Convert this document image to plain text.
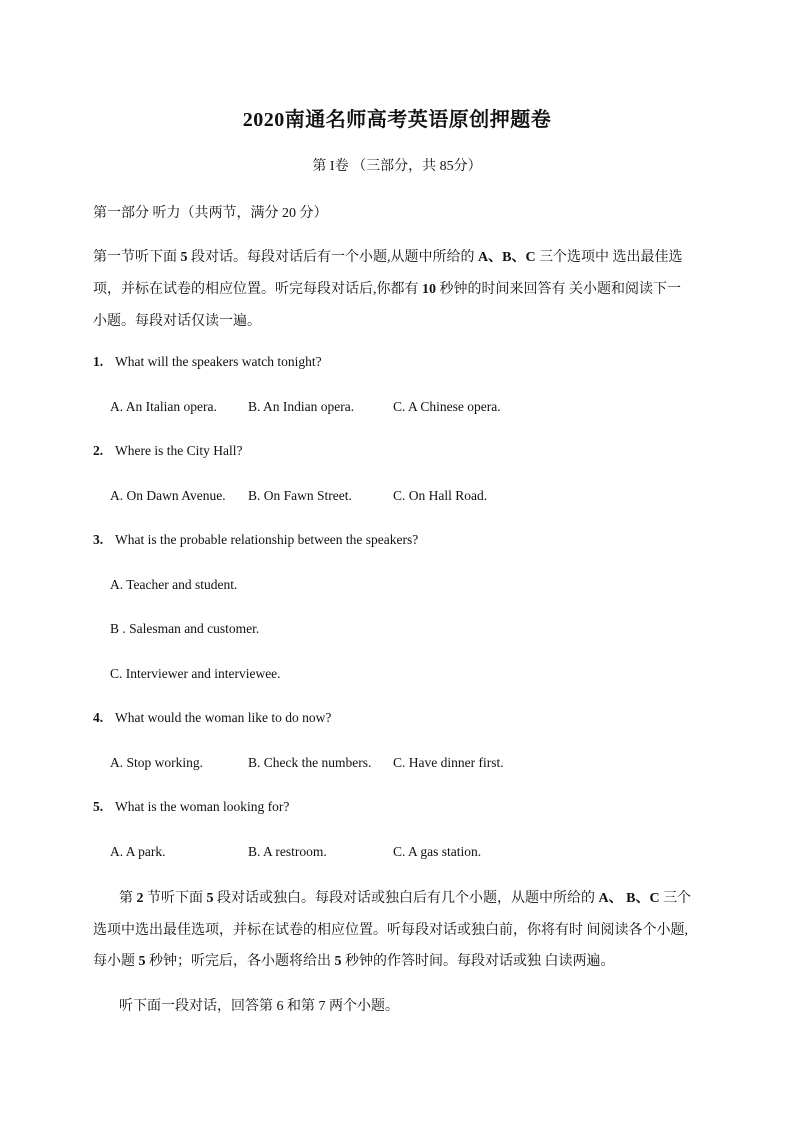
2020南通名师高考英语原创押题卷
第 I卷 （三部分，共 85分）
第一部分 听力（共两节，满分 20 分）
第一节听下面 5 段对话。每段对话后有一个小题,从题中所给的 A、B、C 三个选项中 选出最佳选
项，并标在试卷的相应位置。听完每段对话后,你都有 10 秒钟的时间来回答有 关小题和阅读下一
小题。每段对话仅读一遍。
1. What will the speakers watch tonight?
A. An Italian opera. B. An Indian opera.	C. A Chinese opera.
2. Where is the City Hall?
A. On Dawn Avenue. B. On Fawn Street.	C. On Hall Road.
3. What is the probable relationship between the speakers?
A. Teacher and student.
B . Salesman and customer.
C. Interviewer and interviewee.
4. What would the woman like to do now?
A. Stop working.	B. Check the numbers. C. Have dinner first.
5. What is the woman looking for?
A. A park.	B. A restroom.	C. A gas station.
第 2 节听下面 5 段对话或独白。每段对话或独白后有几个小题，从题中所给的 A、 B、C 三个
选项中选出最佳选项，并标在试卷的相应位置。听每段对话或独白前，你将有时 间阅读各个小题,
每小题 5 秒钟；听完后，各小题将给出 5 秒钟的作答时间。每段对话或独 白读两遍。
听下面一段对话，回答第 6 和第 7 两个小题。
